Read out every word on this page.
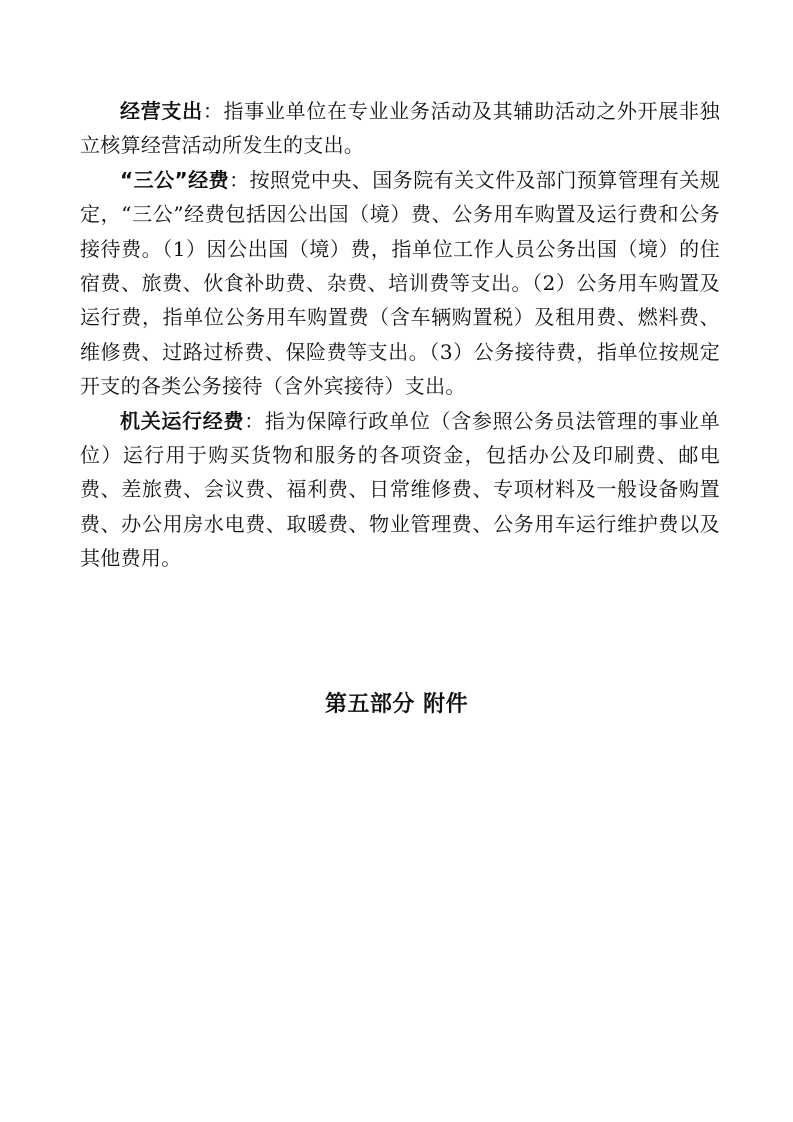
经营支出：指事业单位在专业业务活动及其辅助活动之外开展非独立核算经营活动所发生的支出。

“三公”经费：按照党中央、国务院有关文件及部门预算管理有关规定，“三公”经费包括因公出国（境）费、公务用车购置及运行费和公务接待费。（1）因公出国（境）费，指单位工作人员公务出国（境）的住宿费、旅费、伙食补助费、杂费、培训费等支出。（2）公务用车购置及运行费，指单位公务用车购置费（含车辆购置税）及租用费、燃料费、维修费、过路过桥费、保险费等支出。（3）公务接待费，指单位按规定开支的各类公务接待（含外宾接待）支出。

机关运行经费：指为保障行政单位（含参照公务员法管理的事业单位）运行用于购买货物和服务的各项资金，包括办公及印刷费、邮电费、差旅费、会议费、福利费、日常维修费、专项材料及一般设备购置费、办公用房水电费、取暖费、物业管理费、公务用车运行维护费以及其他费用。

第五部分 附件
